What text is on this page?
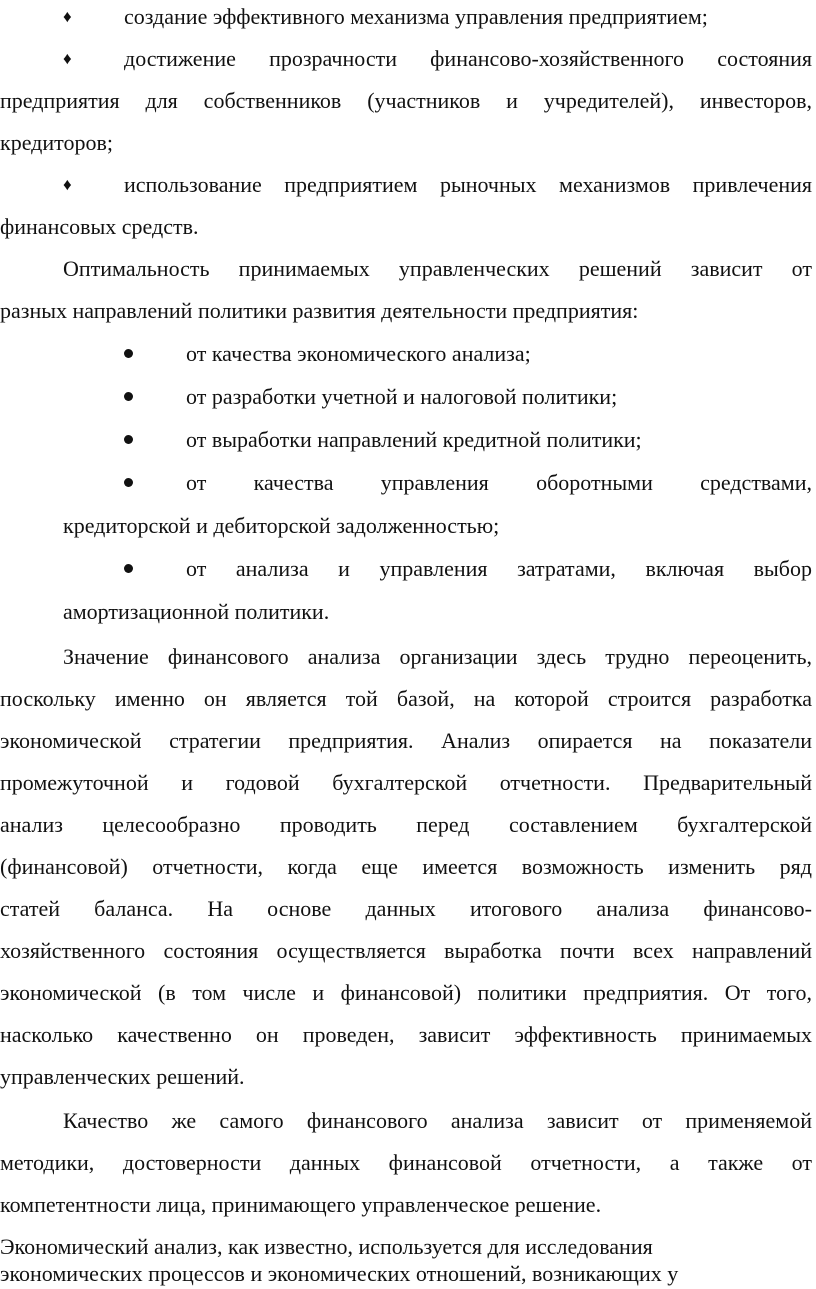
♦	создание эффективного механизма управления предприятием;
♦	достижение прозрачности финансово-хозяйственного состояния
предприятия для собственников (участников и учредителей), инвесторов,
кредиторов;
♦	использование предприятием рыночных механизмов привлечения
финансовых средств.
Оптимальность принимаемых управленческих решений зависит от
разных направлений политики развития деятельности предприятия:
от качества экономического анализа;
от разработки учетной и налоговой политики;
от выработки направлений кредитной политики;
от качества управления оборотными средствами,
кредиторской и дебиторской задолженностью;
от анализа и управления затратами, включая выбор
амортизационной политики.
Значение финансового анализа организации здесь трудно переоценить,
поскольку именно он является той базой, на которой строится разработка
экономической стратегии предприятия. Анализ опирается на показатели
промежуточной и годовой бухгалтерской отчетности. Предварительный
анализ целесообразно проводить перед составлением бухгалтерской
(финансовой) отчетности, когда еще имеется возможность изменить ряд
статей баланса. На основе данных итогового анализа финансово-
хозяйственного состояния осуществляется выработка почти всех направлений
экономической (в том числе и финансовой) политики предприятия. От того,
насколько качественно он проведен, зависит эффективность принимаемых
управленческих решений.
Качество же самого финансового анализа зависит от применяемой
методики, достоверности данных финансовой отчетности, а также от
компетентности лица, принимающего управленческое решение.
Экономический анализ, как известно, используется для исследования
экономических процессов и экономических отношений, возникающих у
